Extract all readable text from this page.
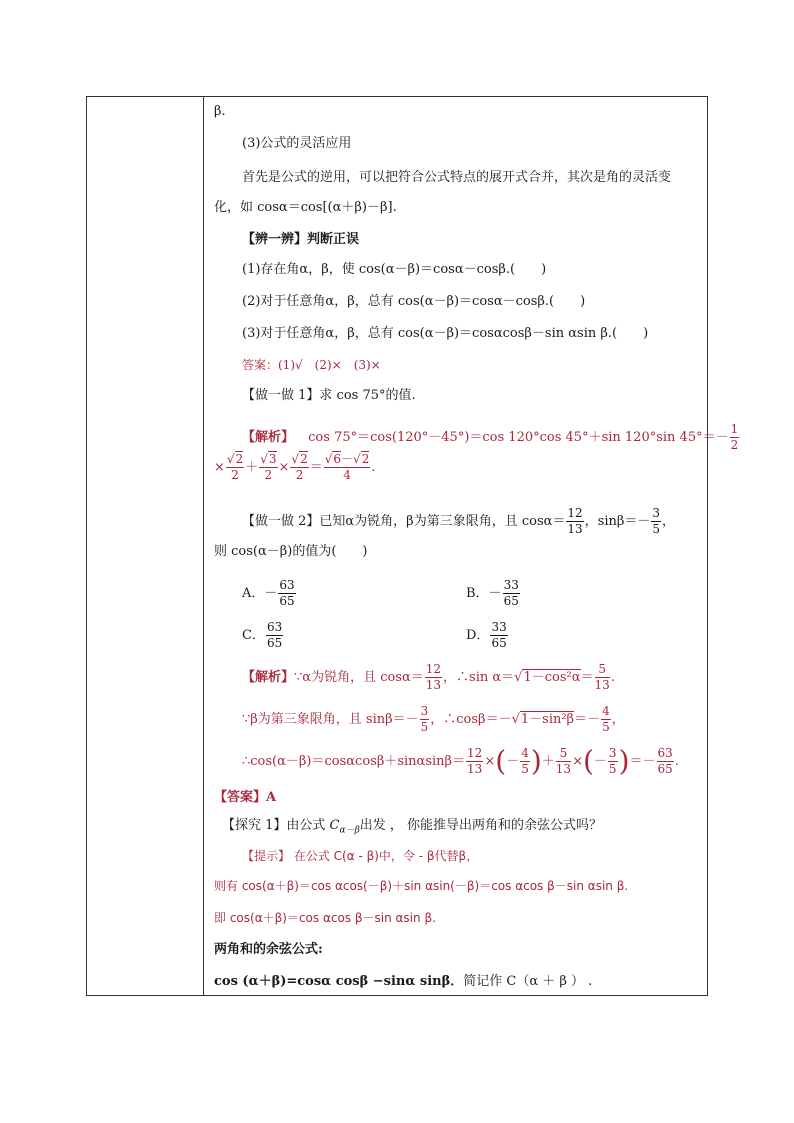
β.
(3)公式的灵活应用
首先是公式的逆用，可以把符合公式特点的展开式合并，其次是角的灵活变
化，如 cosα＝cos[(α＋β)－β].
【辨一辨】判断正误
(1)存在角α，β，使 cos(α－β)＝cosα－cosβ.(　　)
(2)对于任意角α，β，总有 cos(α－β)＝cosα－cosβ.(　　)
(3)对于任意角α，β，总有 cos(α－β)＝cosαcosβ－sin αsin β.(　　)
答案：(1)√　(2)×　(3)×
【做一做 1】求 cos 75°的值.
【解析】 cos 75°＝cos(120°－45°)＝cos 120°cos 45°＋sin 120°sin $45^\circ=- \frac{1}{2}$
× $\frac{√2}{2} + \frac{√3}{2} \times \frac{√2}{2} = \frac{√6-√2}{4}$ .
【做一做 2】已知α为锐角，β为第三象限角，且 $\cos\alpha= \frac{12}{13}$ ，$\sin\beta=- \frac{3}{5}$ ，
则 cos(α－β)的值为(　　)
A．－ $\frac{63}{65}$	B．－ $\frac{33}{65}$
C． $\frac{63}{65}$	D． $\frac{33}{65}$
【解析】∵α为锐角，且 $\cos\alpha= \frac{12}{13}$ ，∴sin $\alpha=√1-\cos^2\alpha= \frac{5}{13}$ .
∵β为第三象限角，且 $\sin\beta=- \frac{3}{5}$ ，∴cosβ＝－√1－sin²β＝－ $\frac{4}{5}$ ，
∴cos(α－β)＝cosαcosβ＋sinαsinβ＝ $\frac{12}{13}$ ×(－ $\frac{4}{5}$ )＋ $\frac{5}{13}$ ×(－ $\frac{3}{5}$ )＝－ $\frac{63}{65}$ .
【答案】A
【探究 1】由公式 $C_{\alpha-\beta}$出发 ， 你能推导出两角和的余弦公式吗？
【提示】 在公式 C(α - β)中，令 - β代替β，
则有 cos(α＋β)＝cos αcos(－β)＋sin αsin(－β)＝cos αcos β－sin αsin β.
即 cos(α＋β)＝cos αcos β－sin αsin β.
两角和的余弦公式:
cos (α＋β)=cosα cosβ −sinα sinβ．简记作 C（α ＋ β ） .
